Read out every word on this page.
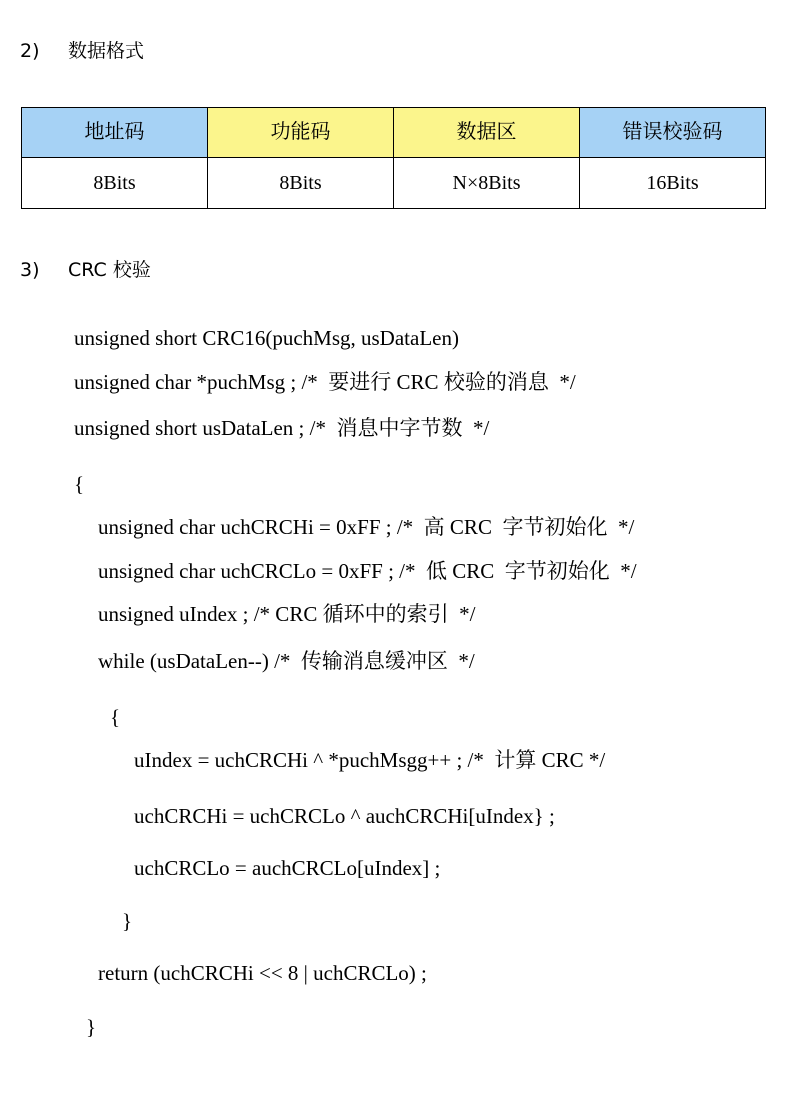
2) 数据格式
地址码	功能码	数据区	错误校验码
8Bits	8Bits	N×8Bits	16Bits
3) CRC 校验
unsigned short CRC16(puchMsg, usDataLen)
unsigned char *puchMsg ; /*  要进行 CRC 校验的消息  */
unsigned short usDataLen ; /*  消息中字节数  */
{
unsigned char uchCRCHi = 0xFF ; /*  高 CRC  字节初始化  */
unsigned char uchCRCLo = 0xFF ; /*  低 CRC  字节初始化  */
unsigned uIndex ; /* CRC 循环中的索引  */
while (usDataLen--) /*  传输消息缓冲区  */
{
uIndex = uchCRCHi ^ *puchMsgg++ ; /*  计算 CRC */
uchCRCHi = uchCRCLo ^ auchCRCHi[uIndex} ;
uchCRCLo = auchCRCLo[uIndex] ;
}
return (uchCRCHi << 8 | uchCRCLo) ;
}
